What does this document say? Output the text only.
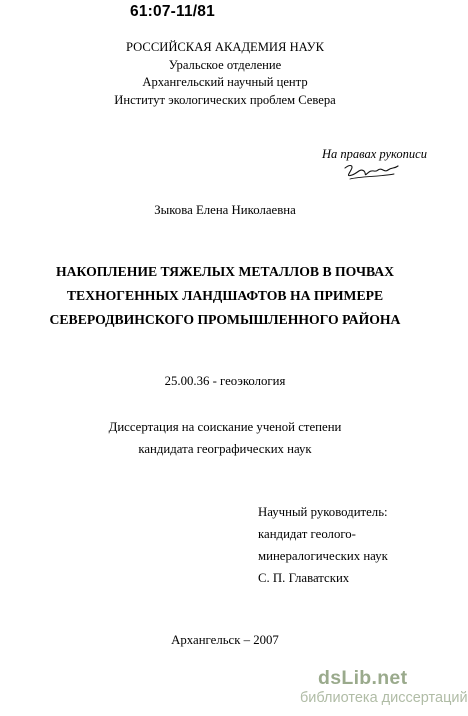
61:07-11/81
РОССИЙСКАЯ АКАДЕМИЯ НАУК
Уральское отделение
Архангельский научный центр
Институт экологических проблем Севера
На правах рукописи
Зыкова Елена Николаевна
НАКОПЛЕНИЕ ТЯЖЕЛЫХ МЕТАЛЛОВ В ПОЧВАХ
ТЕХНОГЕННЫХ ЛАНДШАФТОВ НА ПРИМЕРЕ
СЕВЕРОДВИНСКОГО ПРОМЫШЛЕННОГО РАЙОНА
25.00.36 - геоэкология
Диссертация на соискание ученой степени
кандидата географических наук
Научный руководитель:
кандидат геолого-
минералогических наук
С. П. Главатских
Архангельск – 2007
dsLib.net
библиотека диссертаций
